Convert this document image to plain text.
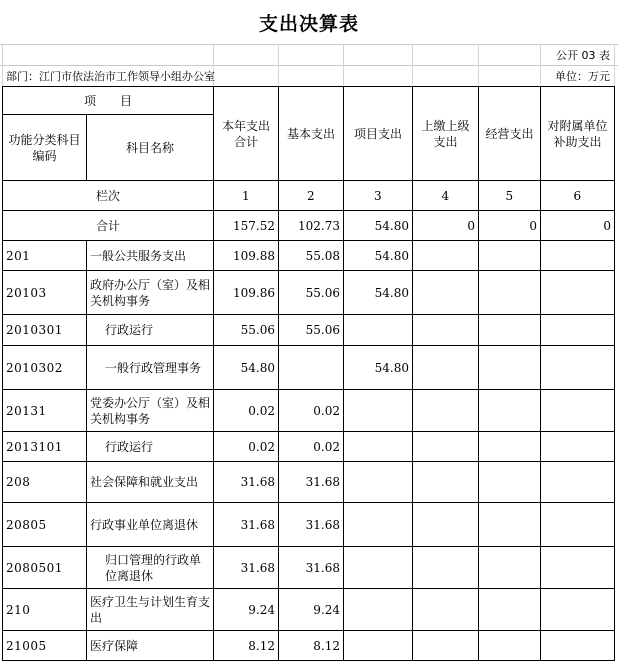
支出决算表
公开 03 表
部门：江门市依法治市工作领导小组办公室	单位：万元
项　　目		本年支出合计	基本支出	项目支出	上缴上级支出	经营支出	对附属单位补助支出
功能分类科目编码	科目名称						
栏次		1	2	3	4	5	6
合计		157.52	102.73	54.80	0	0	0
201	一般公共服务支出	109.88	55.08	54.80			
20103	政府办公厅（室）及相关机构事务	109.86	55.06	54.80			
2010301	行政运行	55.06	55.06				
2010302	一般行政管理事务	54.80		54.80			
20131	党委办公厅（室）及相关机构事务	0.02	0.02				
2013101	行政运行	0.02	0.02				
208	社会保障和就业支出	31.68	31.68				
20805	行政事业单位离退休	31.68	31.68				
2080501	归口管理的行政单位离退休	31.68	31.68				
210	医疗卫生与计划生育支出	9.24	9.24				
21005	医疗保障	8.12	8.12				
